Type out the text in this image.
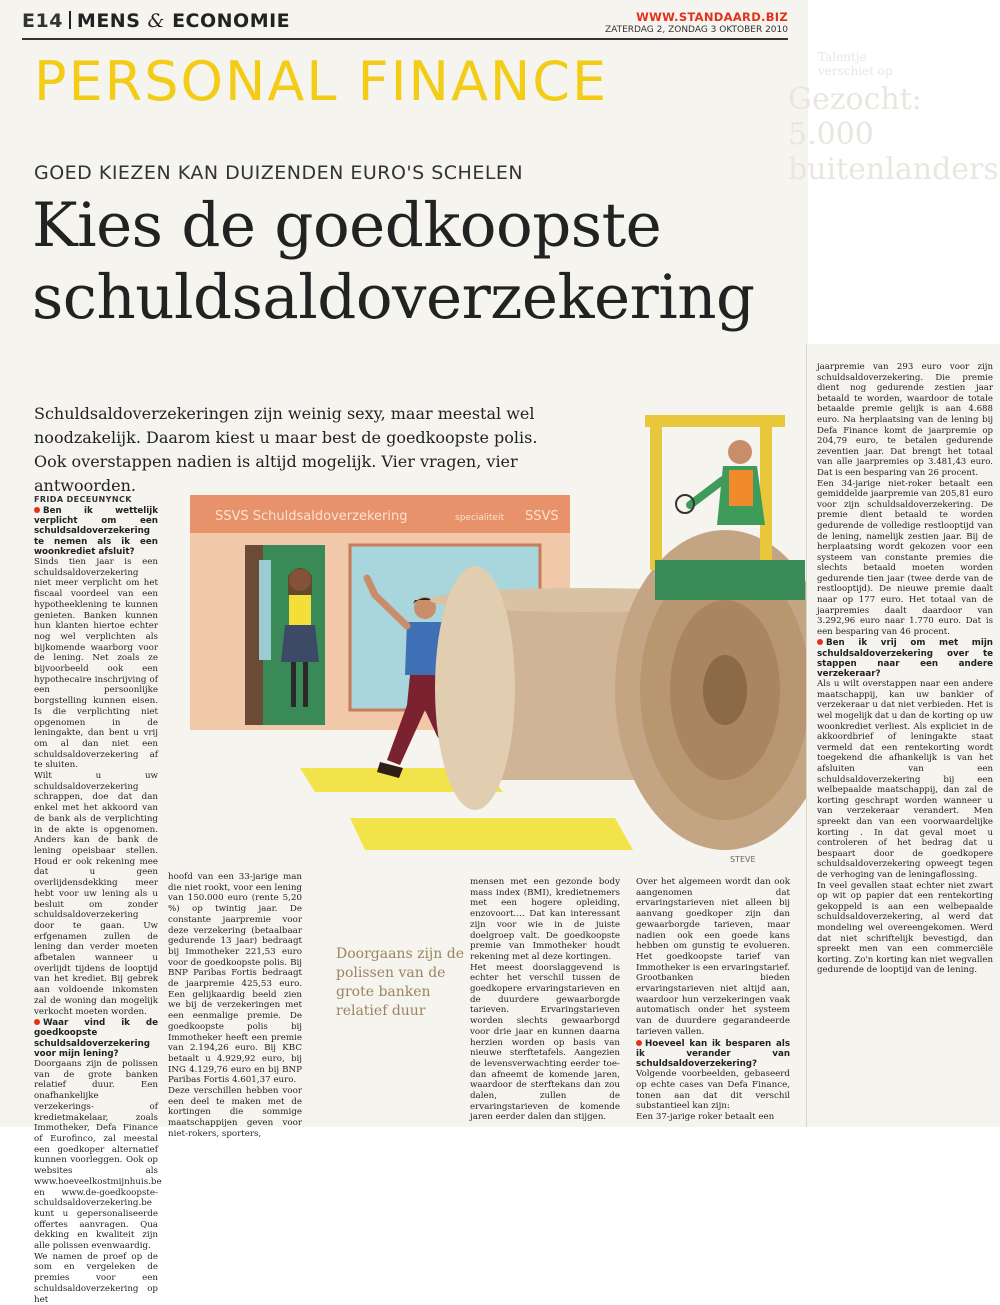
E14 MENS & ECONOMIE	WWW.STANDAARD.BIZ
ZATERDAG 2, ZONDAG 3 OKTOBER 2010
PERSONAL FINANCE
GOED KIEZEN KAN DUIZENDEN EURO'S SCHELEN
Kies de goedkoopste schuldsaldoverzekering
Schuldsaldoverzekeringen zijn weinig sexy, maar meestal wel noodzakelijk. Daarom kiest u maar best de goedkoopste polis. Ook overstappen nadien is altijd mogelijk. Vier vragen, vier antwoorden.
SSVS Schuldsaldoverzekering	specialiteit SSVS
STEVE
FRIDA DECEUNYNCK

Ben ik wettelijk verplicht om een schuldsaldoverzekering te nemen als ik een woonkrediet afsluit?

Sinds tien jaar is een schuldsaldoverzekering niet meer verplicht om het fiscaal voordeel van een hypotheeklening te kunnen genieten. Banken kunnen hun klanten hiertoe echter nog wel verplichten als bijkomende waarborg voor de lening. Net zoals ze bijvoorbeeld ook een hypothecaire inschrijving of een persoonlijke borgstelling kunnen eisen. Is die verplichting niet opgenomen in de leningakte, dan bent u vrij om al dan niet een schuldsaldoverzekering af te sluiten.

Wilt u uw schuldsaldoverzekering schrappen, doe dat dan enkel met het akkoord van de bank als de verplichting in de akte is opgenomen. Anders kan de bank de lening opeisbaar stellen. Houd er ook rekening mee dat u geen overlijdensdekking meer hebt voor uw lening als u besluit om zonder schuldsaldoverzekering door te gaan. Uw erfgenamen zullen de lening dan verder moeten afbetalen wanneer u overlijdt tijdens de looptijd van het krediet. Bij gebrek aan voldoende inkomsten zal de woning dan mogelijk verkocht moeten worden.

Waar vind ik de goedkoopste schuldsaldoverzekering voor mijn lening?

Doorgaans zijn de polissen van de grote banken relatief duur. Een onafhankelijke verzekerings- of kredietmakelaar, zoals Immotheker, Defa Finance of Eurofinco, zal meestal een goedkoper alternatief kunnen voorleggen. Ook op websites als www.hoeveelkostmijnhuis.be en www.de-goedkoopste-schuldsaldoverzekering.be kunt u gepersonaliseerde offertes aanvragen. Qua dekking en kwaliteit zijn alle polissen evenwaardig.

We namen de proef op de som en vergeleken de premies voor een schuldsaldoverzekering op het

hoofd van een 33-jarige man die niet rookt, voor een lening van 150.000 euro (rente 5,20 %) op twintig jaar. De constante jaarpremie voor deze verzekering (betaalbaar gedurende 13 jaar) bedraagt bij Immotheker 221,53 euro voor de goedkoopste polis. Bij BNP Paribas Fortis bedraagt de jaarpremie 425,53 euro. Een gelijkaardig beeld zien we bij de verzekeringen met een eenmalige premie. De goedkoopste polis bij Immotheker heeft een premie van 2.194,26 euro. Bij KBC betaalt u 4.929,92 euro, bij ING 4.129,76 euro en bij BNP Paribas Fortis 4.601,37 euro.

Deze verschillen hebben voor een deel te maken met de kortingen die sommige maatschappijen geven voor niet-rokers, sporters,

Doorgaans zijn de polissen van de grote banken relatief duur

mensen met een gezonde body mass index (BMI), kredietnemers met een hogere opleiding, enzovoort.... Dat kan interessant zijn voor wie in de juiste doelgroep valt. De goedkoopste premie van Immotheker houdt rekening met al deze kortingen.

Het meest doorslaggevend is echter het verschil tussen de goedkopere ervaringstarieven en de duurdere gewaarborgde tarieven. Ervaringstarieven worden slechts gewaarborgd voor drie jaar en kunnen daarna herzien worden op basis van nieuwe sterftetafels. Aangezien de levensverwachting eerder toe- dan afneemt de komende jaren, waardoor de sterftekans dan zou dalen, zullen de ervaringstarieven de komende jaren eerder dalen dan stijgen.

Over het algemeen wordt dan ook aangenomen dat ervaringstarieven niet alleen bij aanvang goedkoper zijn dan gewaarborgde tarieven, maar nadien ook een goede kans hebben om gunstig te evolueren. Het goedkoopste tarief van Immotheker is een ervaringstarief. Grootbanken bieden ervaringstarieven niet altijd aan, waardoor hun verzekeringen vaak automatisch onder het systeem van de duurdere gegarandeerde tarieven vallen.

Hoeveel kan ik besparen als ik verander van schuldsaldoverzekering?

Volgende voorbeelden, gebaseerd op echte cases van Defa Finance, tonen aan dat dit verschil substantieel kan zijn:

Een 37-jarige roker betaalt een

Gezocht: 5.000 buitenlanders
Talentje
verschiet op

jaarpremie van 293 euro voor zijn schuldsaldoverzekering. Die premie dient nog gedurende zestien jaar betaald te worden, waardoor de totale betaalde premie gelijk is aan 4.688 euro. Na herplaatsing van de lening bij Defa Finance komt de jaarpremie op 204,79 euro, te betalen gedurende zeventien jaar. Dat brengt het totaal van alle jaarpremies op 3.481,43 euro. Dat is een besparing van 26 procent.

Een 34-jarige niet-roker betaalt een gemiddelde jaarpremie van 205,81 euro voor zijn schuldsaldoverzekering. De premie dient betaald te worden gedurende de volledige restlooptijd van de lening, namelijk zestien jaar. Bij de herplaatsing wordt gekozen voor een systeem van constante premies die slechts betaald moeten worden gedurende tien jaar (twee derde van de restlooptijd). De nieuwe premie daalt naar op 177 euro. Het totaal van de jaarpremies daalt daardoor van 3.292,96 euro naar 1.770 euro. Dat is een besparing van 46 procent.

Ben ik vrij om met mijn schuldsaldoverzekering over te stappen naar een andere verzekeraar?

Als u wilt overstappen naar een andere maatschappij, kan uw bankier of verzekeraar u dat niet verbieden. Het is wel mogelijk dat u dan de korting op uw woonkrediet verliest. Als expliciet in de akkoordbrief of leningakte staat vermeld dat een rentekorting wordt toegekend die afhankelijk is van het afsluiten van een schuldsaldoverzekering bij een welbepaalde maatschappij, dan zal de korting geschrapt worden wanneer u van verzekeraar verandert. Men spreekt dan van een voorwaardelijke korting . In dat geval moet u controleren of het bedrag dat u bespaart door de goedkopere schuldsaldoverzekering opweegt tegen de verhoging van de leningaflossing.

In veel gevallen staat echter niet zwart op wit op papier dat een rentekorting gekoppeld is aan een welbepaalde schuldsaldoverzekering, al werd dat mondeling wel overeengekomen. Werd dat niet schriftelijk bevestigd, dan spreekt men van een commerciële korting. Zo'n korting kan niet wegvallen gedurende de looptijd van de lening.
